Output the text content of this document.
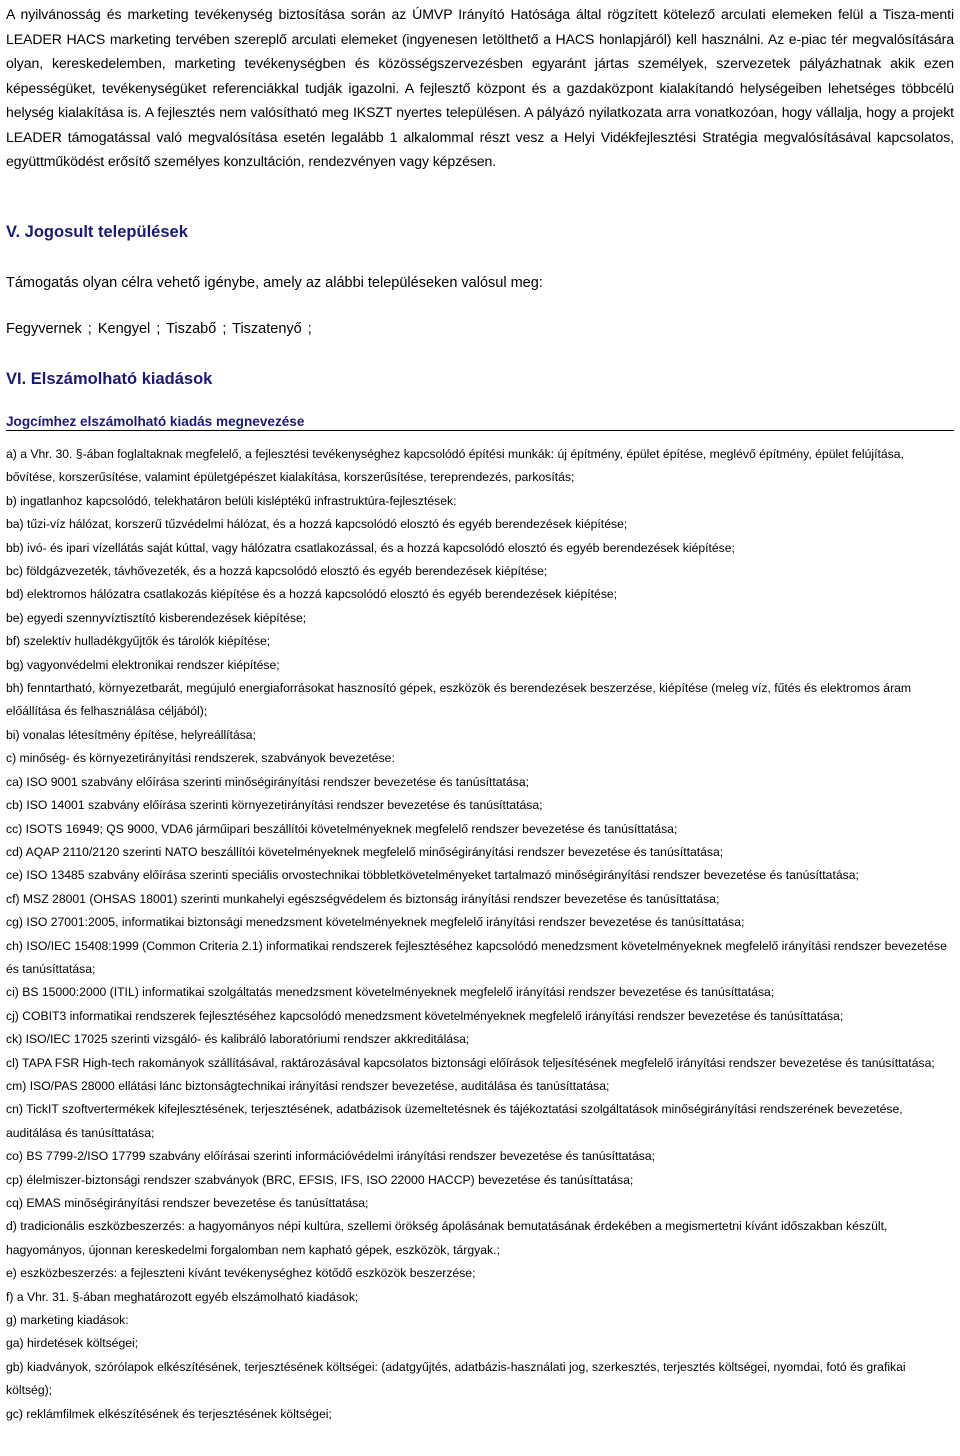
A nyilvánosság és marketing tevékenység biztosítása során az ÚMVP Irányító Hatósága által rögzített kötelező arculati elemeken felül a Tisza-menti LEADER HACS marketing tervében szereplő arculati elemeket (ingyenesen letölthető a HACS honlapjáról) kell használni. Az e-piac tér megvalósítására olyan, kereskedelemben, marketing tevékenységben és közösségszervezésben egyaránt jártas személyek, szervezetek pályázhatnak akik ezen képességüket, tevékenységüket referenciákkal tudják igazolni. A fejlesztő központ és a gazdaközpont kialakítandó helységeiben lehetséges többcélú helység kialakítása is. A fejlesztés nem valósítható meg IKSZT nyertes településen. A pályázó nyilatkozata arra vonatkozóan, hogy vállalja, hogy a projekt LEADER támogatással való megvalósítása esetén legalább 1 alkalommal részt vesz a Helyi Vidékfejlesztési Stratégia megvalósításával kapcsolatos, együttműködést erősítő személyes konzultáción, rendezvényen vagy képzésen.

V. Jogosult települések
Támogatás olyan célra vehető igénybe, amely az alábbi településeken valósul meg:
Fegyvernek ; Kengyel ; Tiszabő ; Tiszatenyő ;
VI. Elszámolható kiadások
Jogcímhez elszámolható kiadás megnevezése

a) a Vhr. 30. §-ában foglaltaknak megfelelő, a fejlesztési tevékenységhez kapcsolódó építési munkák: új építmény, épület építése, meglévő építmény, épület felújítása, bővítése, korszerűsítése, valamint épületgépészet kialakítása, korszerűsítése, tereprendezés, parkosítás;

b) ingatlanhoz kapcsolódó, telekhatáron belüli kisléptékű infrastruktúra-fejlesztések:

ba) tűzi-víz hálózat, korszerű tűzvédelmi hálózat, és a hozzá kapcsolódó elosztó és egyéb berendezések kiépítése;

bb) ivó- és ipari vízellátás saját kúttal, vagy hálózatra csatlakozással, és a hozzá kapcsolódó elosztó és egyéb berendezések kiépítése;

bc) földgázvezeték, távhővezeték, és a hozzá kapcsolódó elosztó és egyéb berendezések kiépítése;

bd) elektromos hálózatra csatlakozás kiépítése és a hozzá kapcsolódó elosztó és egyéb berendezések kiépítése;

be) egyedi szennyvíztisztító kisberendezések kiépítése;

bf) szelektív hulladékgyűjtők és tárolók kiépítése;

bg) vagyonvédelmi elektronikai rendszer kiépítése;

bh) fenntartható, környezetbarát, megújuló energiaforrásokat hasznosító gépek, eszközök és berendezések beszerzése, kiépítése (meleg víz, fűtés és elektromos áram előállítása és felhasználása céljából);

bi) vonalas létesítmény építése, helyreállítása;

c) minőség- és környezetirányítási rendszerek, szabványok bevezetése:

ca) ISO 9001 szabvány előírása szerinti minőségirányítási rendszer bevezetése és tanúsíttatása;

cb) ISO 14001 szabvány előírása szerinti környezetirányítási rendszer bevezetése és tanúsíttatása;

cc) ISOTS 16949; QS 9000, VDA6 járműipari beszállítói követelményeknek megfelelő rendszer bevezetése és tanúsíttatása;

cd) AQAP 2110/2120 szerinti NATO beszállítói követelményeknek megfelelő minőségirányítási rendszer bevezetése és tanúsíttatása;

ce) ISO 13485 szabvány előírása szerinti speciális orvostechnikai többletkövetelményeket tartalmazó minőségirányítási rendszer bevezetése és tanúsíttatása;

cf) MSZ 28001 (OHSAS 18001) szerinti munkahelyi egészségvédelem és biztonság irányítási rendszer bevezetése és tanúsíttatása;

cg) ISO 27001:2005, informatikai biztonsági menedzsment követelményeknek megfelelő irányítási rendszer bevezetése és tanúsíttatása;

ch) ISO/IEC 15408:1999 (Common Criteria 2.1) informatikai rendszerek fejlesztéséhez kapcsolódó menedzsment követelményeknek megfelelő irányítási rendszer bevezetése és tanúsíttatása;

ci) BS 15000:2000 (ITIL) informatikai szolgáltatás menedzsment követelményeknek megfelelő irányítási rendszer bevezetése és tanúsíttatása;

cj) COBIT3 informatikai rendszerek fejlesztéséhez kapcsolódó menedzsment követelményeknek megfelelő irányítási rendszer bevezetése és tanúsíttatása;

ck) ISO/IEC 17025 szerinti vizsgáló- és kalibráló laboratóriumi rendszer akkreditálása;

cl) TAPA FSR High-tech rakományok szállításával, raktározásával kapcsolatos biztonsági előírások teljesítésének megfelelő irányítási rendszer bevezetése és tanúsíttatása;

cm) ISO/PAS 28000 ellátási lánc biztonságtechnikai irányítási rendszer bevezetése, auditálása és tanúsíttatása;

cn) TickIT szoftvertermékek kifejlesztésének, terjesztésének, adatbázisok üzemeltetésnek és tájékoztatási szolgáltatások minőségirányítási rendszerének bevezetése, auditálása és tanúsíttatása;

co) BS 7799-2/ISO 17799 szabvány előírásai szerinti információvédelmi irányítási rendszer bevezetése és tanúsíttatása;

cp) élelmiszer-biztonsági rendszer szabványok (BRC, EFSIS, IFS, ISO 22000 HACCP) bevezetése és tanúsíttatása;

cq) EMAS minőségirányítási rendszer bevezetése és tanúsíttatása;

d) tradicionális eszközbeszerzés: a hagyományos népi kultúra, szellemi örökség ápolásának bemutatásának érdekében a megismertetni kívánt időszakban készült, hagyományos, újonnan kereskedelmi forgalomban nem kapható gépek, eszközök, tárgyak.;

e) eszközbeszerzés: a fejleszteni kívánt tevékenységhez kötődő eszközök beszerzése;

f) a Vhr. 31. §-ában meghatározott egyéb elszámolható kiadások;

g) marketing kiadások:

ga) hirdetések költségei;

gb) kiadványok, szórólapok elkészítésének, terjesztésének költségei: (adatgyűjtés, adatbázis-használati jog, szerkesztés, terjesztés költségei, nyomdai, fotó és grafikai költség);

gc) reklámfilmek elkészítésének és terjesztésének költségei;
